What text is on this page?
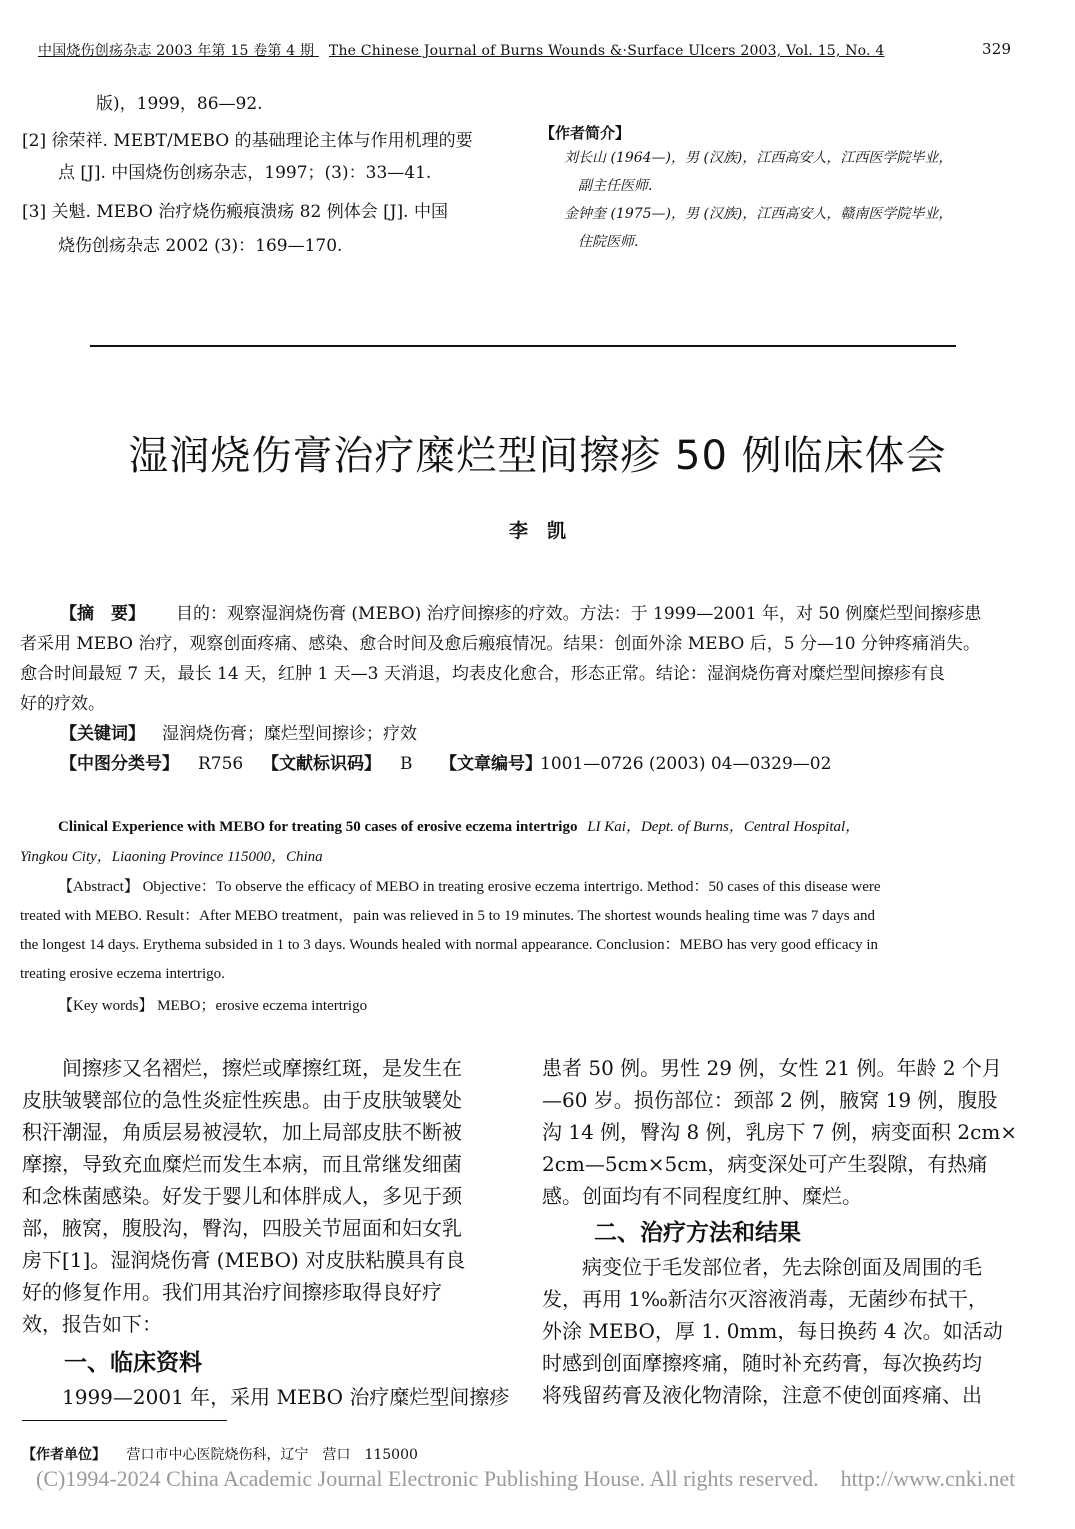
中国烧伤创疡杂志 2003 年第 15 卷第 4 期 The Chinese Journal of Burns Wounds &·Surface Ulcers 2003, Vol. 15, No. 4	329
版)，1999，86—92.
[2] 徐荣祥. MEBT/MEBO 的基础理论主体与作用机理的要
点 [J]. 中国烧伤创疡杂志，1997；(3)：33—41.
[3] 关魁. MEBO 治疗烧伤瘢痕溃疡 82 例体会 [J]. 中国
烧伤创疡杂志 2002 (3)：169—170.
【作者简介】
刘长山 (1964—)，男 (汉族)，江西高安人，江西医学院毕业，
副主任医师.
金钟奎 (1975—)，男 (汉族)，江西高安人，赣南医学院毕业，
住院医师.
湿润烧伤膏治疗糜烂型间擦疹 50 例临床体会
李　凯
【摘　要】 目的：观察湿润烧伤膏 (MEBO) 治疗间擦疹的疗效。方法：于 1999—2001 年，对 50 例糜烂型间擦疹患
者采用 MEBO 治疗，观察创面疼痛、感染、愈合时间及愈后瘢痕情况。结果：创面外涂 MEBO 后，5 分—10 分钟疼痛消失。
愈合时间最短 7 天，最长 14 天，红肿 1 天—3 天消退，均表皮化愈合，形态正常。结论：湿润烧伤膏对糜烂型间擦疹有良
好的疗效。
【关键词】 湿润烧伤膏；糜烂型间擦诊；疗效
【中图分类号】 R756 【文献标识码】 B 【文章编号】
1001—0726 (2003) 04—0329—02
Clinical Experience with MEBO for treating 50 cases of erosive eczema intertrigo LI Kai，Dept. of Burns，Central Hospital，
Yingkou City，Liaoning Province 115000，China
【Abstract】 Objective：To observe the efficacy of MEBO in treating erosive eczema intertrigo. Method：50 cases of this disease were
treated with MEBO. Result：After MEBO treatment，pain was relieved in 5 to 19 minutes. The shortest wounds healing time was 7 days and
the longest 14 days. Erythema subsided in 1 to 3 days. Wounds healed with normal appearance. Conclusion：MEBO has very good efficacy in
treating erosive eczema intertrigo.
【Key words】 MEBO；erosive eczema intertrigo
　　间擦疹又名褶烂，擦烂或摩擦红斑，是发生在
皮肤皱襞部位的急性炎症性疾患。由于皮肤皱襞处
积汗潮湿，角质层易被浸软，加上局部皮肤不断被
摩擦，导致充血糜烂而发生本病，而且常继发细菌
和念株菌感染。好发于婴儿和体胖成人，多见于颈
部，腋窝，腹股沟，臀沟，四股关节屈面和妇女乳
房下[1]。湿润烧伤膏 (MEBO) 对皮肤粘膜具有良
好的修复作用。我们用其治疗间擦疹取得良好疗
效，报告如下：
一、临床资料
　　1999—2001 年，采用 MEBO 治疗糜烂型间擦疹
患者 50 例。男性 29 例，女性 21 例。年龄 2 个月
—60 岁。损伤部位：颈部 2 例，腋窝 19 例，腹股
沟 14 例，臀沟 8 例，乳房下 7 例，病变面积 2cm×
2cm—5cm×5cm，病变深处可产生裂隙，有热痛
感。创面均有不同程度红肿、糜烂。
二、治疗方法和结果
　　病变位于毛发部位者，先去除创面及周围的毛
发，再用 1‰新洁尔灭溶液消毒，无菌纱布拭干，
外涂 MEBO，厚 1. 0mm，每日换药 4 次。如活动
时感到创面摩擦疼痛，随时补充药膏，每次换药均
将残留药膏及液化物清除，注意不使创面疼痛、出
【作者单位】 营口市中心医院烧伤科，辽宁　营口　115000
(C)1994-2024 China Academic Journal Electronic Publishing House. All rights reserved.    http://www.cnki.net
